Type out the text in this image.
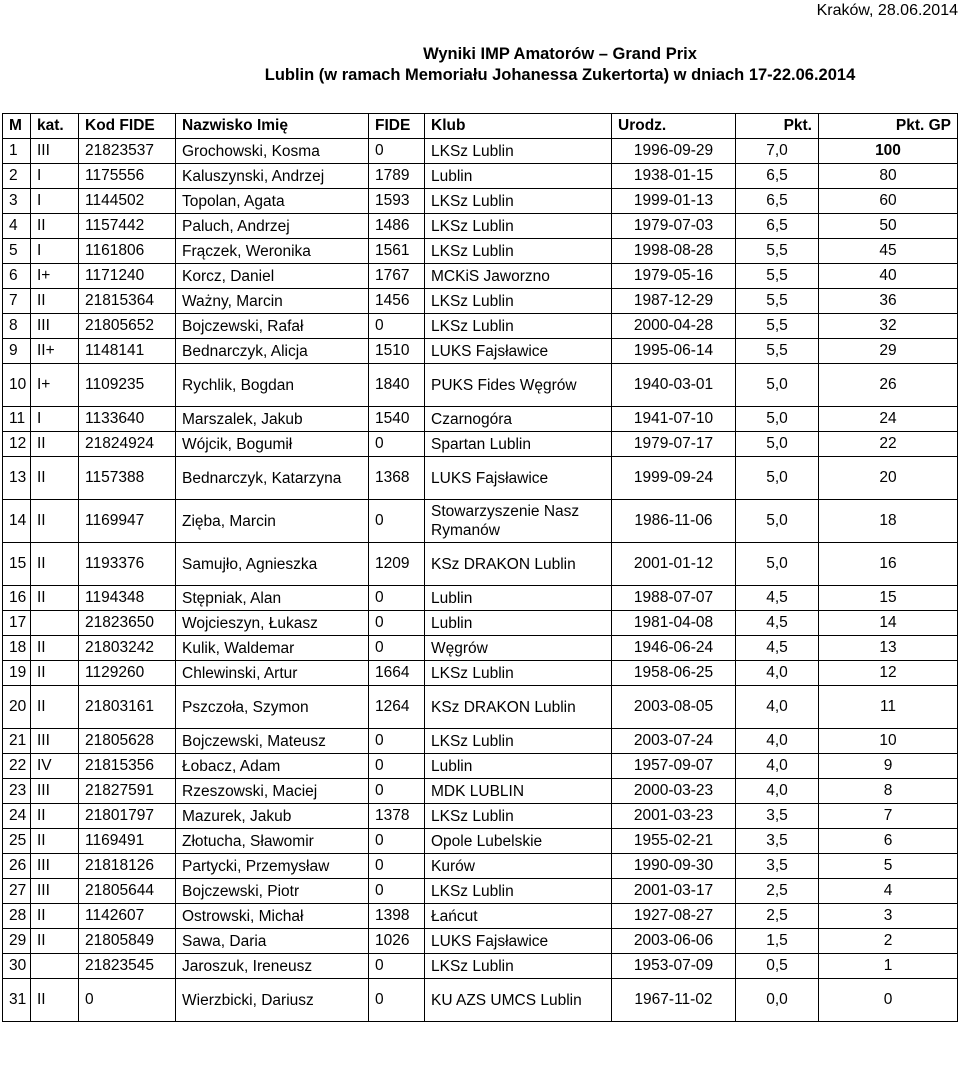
Kraków, 28.06.2014
Wyniki IMP Amatorów – Grand Prix
Lublin (w ramach Memoriału Johanessa Zukertorta) w dniach 17-22.06.2014
M	kat.	Kod FIDE	Nazwisko Imię	FIDE	Klub	Urodz.	Pkt.	Pkt. GP
1	III	21823537	Grochowski, Kosma	0	LKSz Lublin	1996-09-29	7,0	100
2	I	1175556	Kaluszynski, Andrzej	1789	Lublin	1938-01-15	6,5	80
3	I	1144502	Topolan, Agata	1593	LKSz Lublin	1999-01-13	6,5	60
4	II	1157442	Paluch, Andrzej	1486	LKSz Lublin	1979-07-03	6,5	50
5	I	1161806	Frączek, Weronika	1561	LKSz Lublin	1998-08-28	5,5	45
6	I+	1171240	Korcz, Daniel	1767	MCKiS Jaworzno	1979-05-16	5,5	40
7	II	21815364	Ważny, Marcin	1456	LKSz Lublin	1987-12-29	5,5	36
8	III	21805652	Bojczewski, Rafał	0	LKSz Lublin	2000-04-28	5,5	32
9	II+	1148141	Bednarczyk, Alicja	1510	LUKS Fajsławice	1995-06-14	5,5	29
10	I+	1109235	Rychlik, Bogdan	1840	PUKS Fides Węgrów	1940-03-01	5,0	26
11	I	1133640	Marszalek, Jakub	1540	Czarnogóra	1941-07-10	5,0	24
12	II	21824924	Wójcik, Bogumił	0	Spartan Lublin	1979-07-17	5,0	22
13	II	1157388	Bednarczyk, Katarzyna	1368	LUKS Fajsławice	1999-09-24	5,0	20
14	II	1169947	Zięba, Marcin	0	Stowarzyszenie Nasz Rymanów	1986-11-06	5,0	18
15	II	1193376	Samujło, Agnieszka	1209	KSz DRAKON Lublin	2001-01-12	5,0	16
16	II	1194348	Stępniak, Alan	0	Lublin	1988-07-07	4,5	15
17		21823650	Wojcieszyn, Łukasz	0	Lublin	1981-04-08	4,5	14
18	II	21803242	Kulik, Waldemar	0	Węgrów	1946-06-24	4,5	13
19	II	1129260	Chlewinski, Artur	1664	LKSz Lublin	1958-06-25	4,0	12
20	II	21803161	Pszczoła, Szymon	1264	KSz DRAKON Lublin	2003-08-05	4,0	11
21	III	21805628	Bojczewski, Mateusz	0	LKSz Lublin	2003-07-24	4,0	10
22	IV	21815356	Łobacz, Adam	0	Lublin	1957-09-07	4,0	9
23	III	21827591	Rzeszowski, Maciej	0	MDK LUBLIN	2000-03-23	4,0	8
24	II	21801797	Mazurek, Jakub	1378	LKSz Lublin	2001-03-23	3,5	7
25	II	1169491	Złotucha, Sławomir	0	Opole Lubelskie	1955-02-21	3,5	6
26	III	21818126	Partycki, Przemysław	0	Kurów	1990-09-30	3,5	5
27	III	21805644	Bojczewski, Piotr	0	LKSz Lublin	2001-03-17	2,5	4
28	II	1142607	Ostrowski, Michał	1398	Łańcut	1927-08-27	2,5	3
29	II	21805849	Sawa, Daria	1026	LUKS Fajsławice	2003-06-06	1,5	2
30		21823545	Jaroszuk, Ireneusz	0	LKSz Lublin	1953-07-09	0,5	1
31	II	0	Wierzbicki, Dariusz	0	KU AZS UMCS Lublin	1967-11-02	0,0	0
